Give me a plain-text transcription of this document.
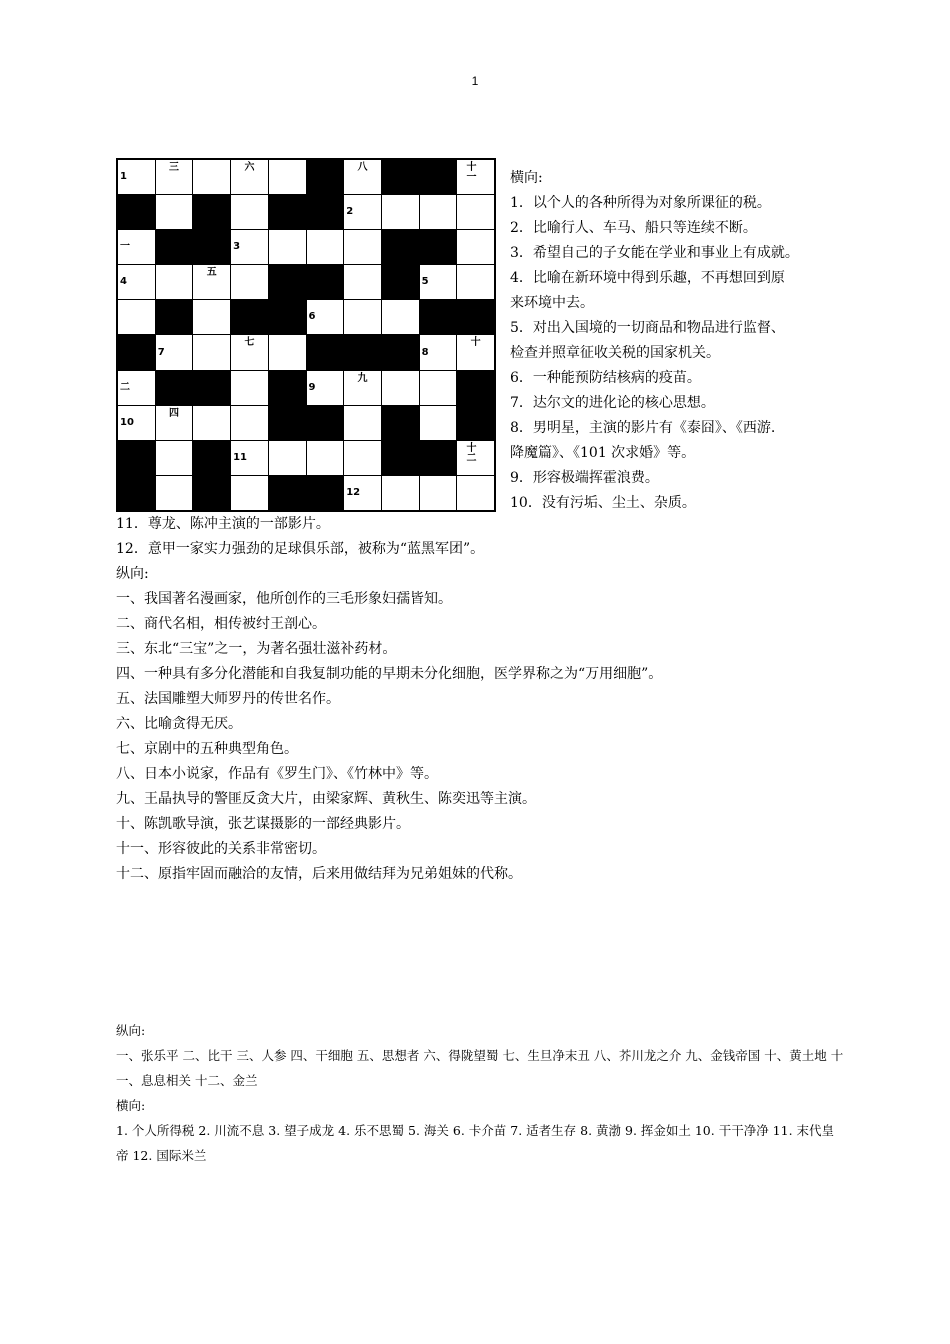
1
1
三	六	八	十一
2
一	3
4
五
5
6
7
七
8
十
二	9
九
10
四
11
十二
12
横向:
1．以个人的各种所得为对象所课征的税。
2．比喻行人、车马、船只等连续不断。
3．希望自己的子女能在学业和事业上有成就。
4．比喻在新环境中得到乐趣，不再想回到原
来环境中去。
5．对出入国境的一切商品和物品进行监督、
检查并照章征收关税的国家机关。
6．一种能预防结核病的疫苗。
7．达尔文的进化论的核心思想。
8．男明星，主演的影片有《泰囧》、《西游.
降魔篇》、《101 次求婚》等。
9．形容极端挥霍浪费。
10．没有污垢、尘土、杂质。
11．尊龙、陈冲主演的一部影片。
12．意甲一家实力强劲的足球俱乐部，被称为“蓝黑军团”。
纵向:
一、我国著名漫画家，他所创作的三毛形象妇孺皆知。
二、商代名相，相传被纣王剖心。
三、东北“三宝”之一，为著名强壮滋补药材。
四、一种具有多分化潜能和自我复制功能的早期未分化细胞，医学界称之为“万用细胞”。
五、法国雕塑大师罗丹的传世名作。
六、比喻贪得无厌。
七、京剧中的五种典型角色。
八、日本小说家，作品有《罗生门》、《竹林中》等。
九、王晶执导的警匪反贪大片，由梁家辉、黄秋生、陈奕迅等主演。
十、陈凯歌导演，张艺谋摄影的一部经典影片。
十一、形容彼此的关系非常密切。
十二、原指牢固而融洽的友情，后来用做结拜为兄弟姐妹的代称。
纵向:
一、张乐平 二、比干 三、人参 四、干细胞 五、思想者 六、得陇望蜀 七、生旦净末丑 八、芥川龙之介 九、金钱帝国 十、黄土地 十一、息息相关 十二、金兰
横向:
1. 个人所得税 2. 川流不息 3. 望子成龙 4. 乐不思蜀 5. 海关 6. 卡介苗 7. 适者生存 8. 黄渤 9. 挥金如土 10. 干干净净 11. 末代皇帝 12. 国际米兰
